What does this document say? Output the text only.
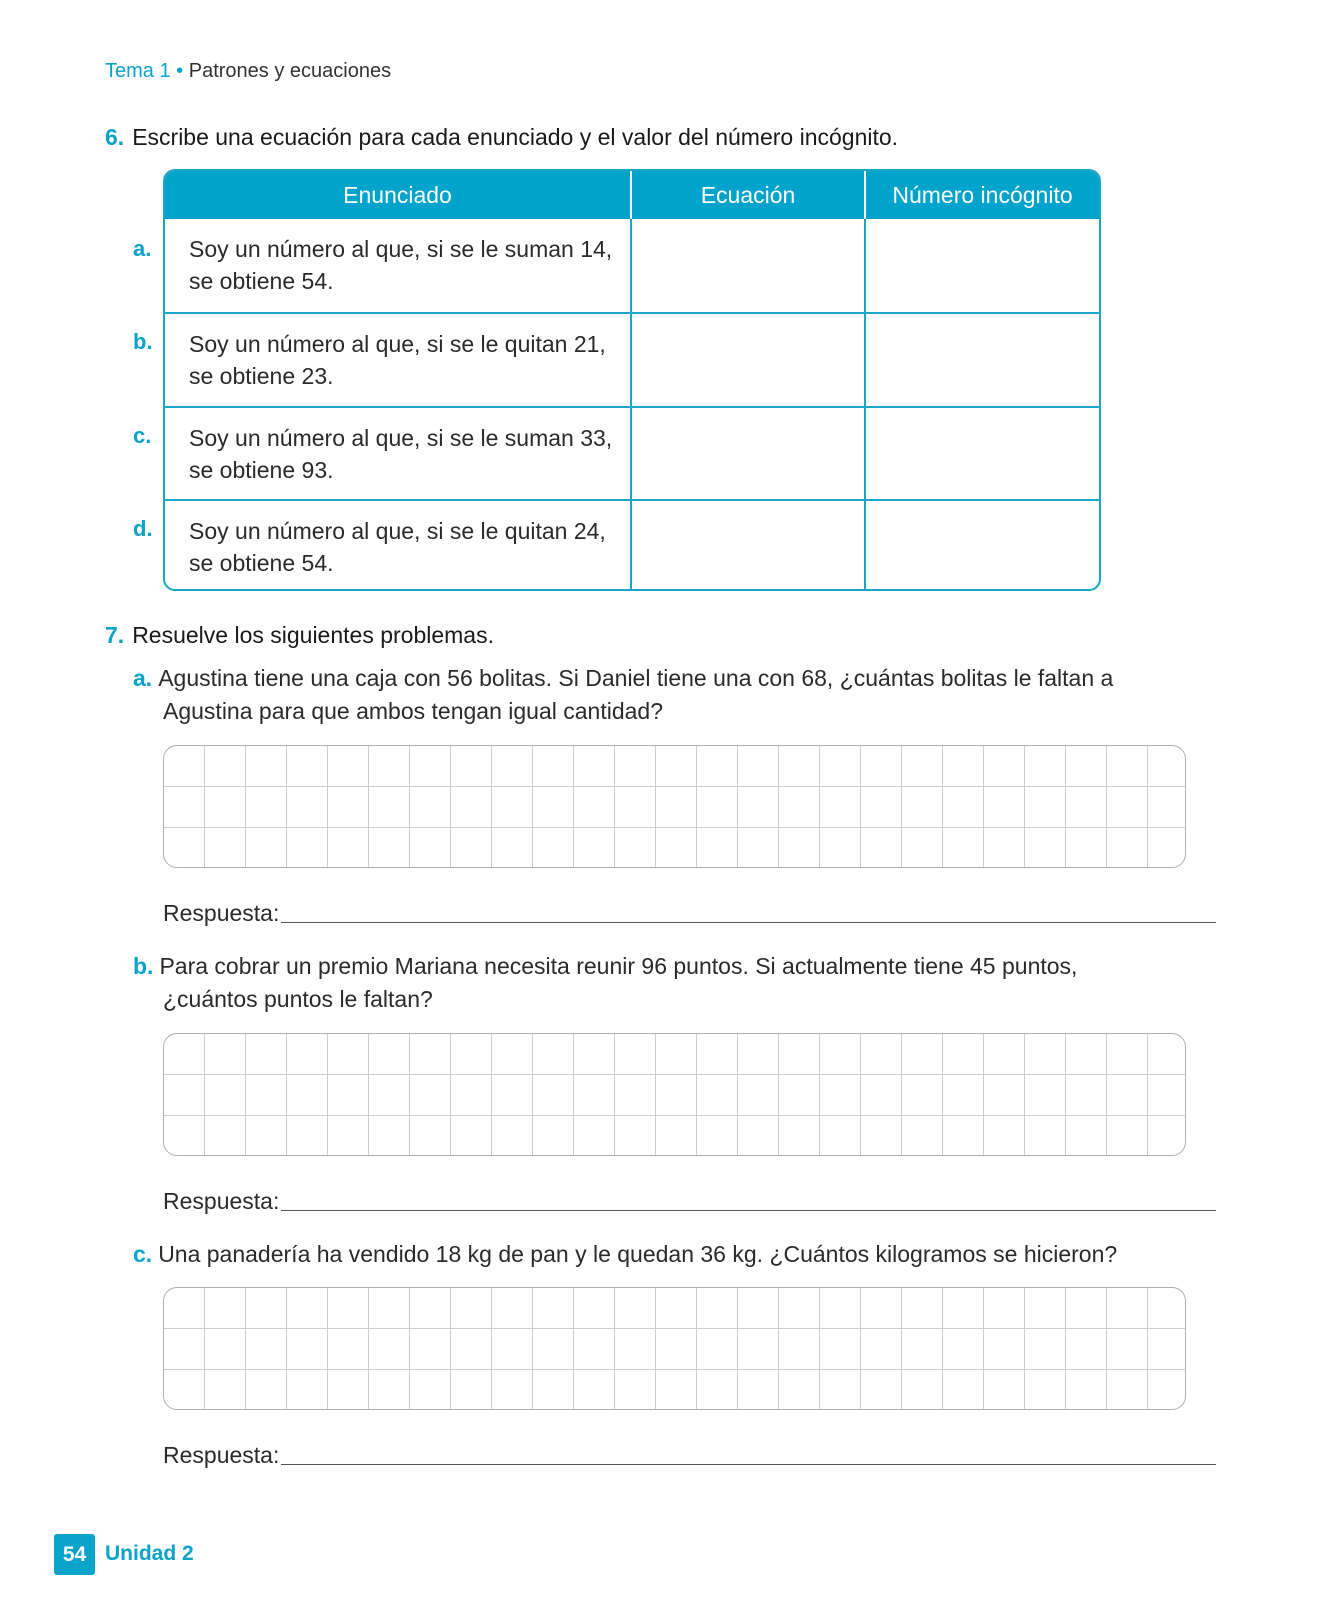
Tema 1 • Patrones y ecuaciones
6. Escribe una ecuación para cada enunciado y el valor del número incógnito.
a.
b.
c.
d.
Enunciado	Ecuación	Número incógnito
Soy un número al que, si se le suman 14,
se obtiene 54.
Soy un número al que, si se le quitan 21,
se obtiene 23.
Soy un número al que, si se le suman 33,
se obtiene 93.
Soy un número al que, si se le quitan 24,
se obtiene 54.
7. Resuelve los siguientes problemas.
a. Agustina tiene una caja con 56 bolitas. Si Daniel tiene una con 68, ¿cuántas bolitas le faltan a
Agustina para que ambos tengan igual cantidad?
Respuesta:
b. Para cobrar un premio Mariana necesita reunir 96 puntos. Si actualmente tiene 45 puntos,
¿cuántos puntos le faltan?
Respuesta:
c. Una panadería ha vendido 18 kg de pan y le quedan 36 kg. ¿Cuántos kilogramos se hicieron?
Respuesta:
54 Unidad 2
